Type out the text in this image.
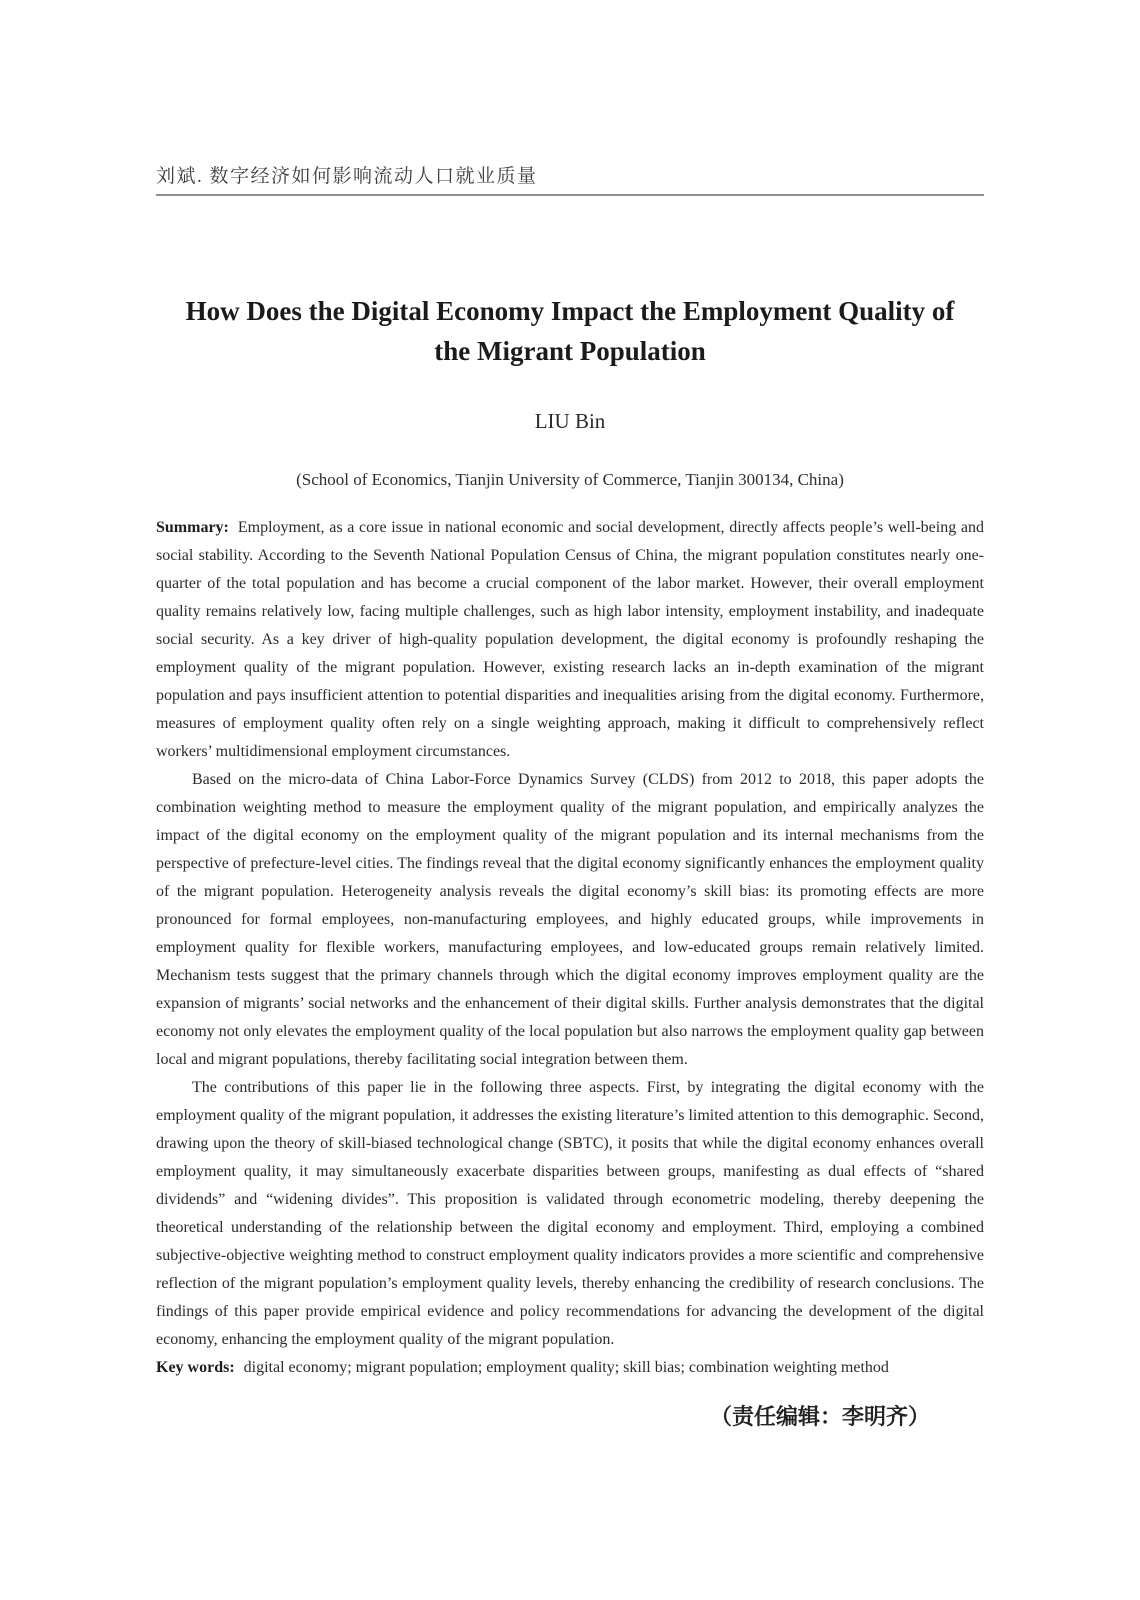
刘斌. 数字经济如何影响流动人口就业质量
How Does the Digital Economy Impact the Employment Quality of
the Migrant Population
LIU Bin
(School of Economics, Tianjin University of Commerce, Tianjin 300134, China)

Summary: Employment, as a core issue in national economic and social development, directly affects people’s well-being and social stability. According to the Seventh National Population Census of China, the migrant population constitutes nearly one-quarter of the total population and has become a crucial component of the labor market. However, their overall employment quality remains relatively low, facing multiple challenges, such as high labor intensity, employment instability, and inadequate social security. As a key driver of high-quality population development, the digital economy is profoundly reshaping the employment quality of the migrant population. However, existing research lacks an in-depth examination of the migrant population and pays insufficient attention to potential disparities and inequalities arising from the digital economy. Furthermore, measures of employment quality often rely on a single weighting approach, making it difficult to comprehensively reflect workers’ multidimensional employment circumstances.

Based on the micro-data of China Labor-Force Dynamics Survey (CLDS) from 2012 to 2018, this paper adopts the combination weighting method to measure the employment quality of the migrant population, and empirically analyzes the impact of the digital economy on the employment quality of the migrant population and its internal mechanisms from the perspective of prefecture-level cities. The findings reveal that the digital economy significantly enhances the employment quality of the migrant population. Heterogeneity analysis reveals the digital economy’s skill bias: its promoting effects are more pronounced for formal employees, non-manufacturing employees, and highly educated groups, while improvements in employment quality for flexible workers, manufacturing employees, and low-educated groups remain relatively limited. Mechanism tests suggest that the primary channels through which the digital economy improves employment quality are the expansion of migrants’ social networks and the enhancement of their digital skills. Further analysis demonstrates that the digital economy not only elevates the employment quality of the local population but also narrows the employment quality gap between local and migrant populations, thereby facilitating social integration between them.

The contributions of this paper lie in the following three aspects. First, by integrating the digital economy with the employment quality of the migrant population, it addresses the existing literature’s limited attention to this demographic. Second, drawing upon the theory of skill-biased technological change (SBTC), it posits that while the digital economy enhances overall employment quality, it may simultaneously exacerbate disparities between groups, manifesting as dual effects of “shared dividends” and “widening divides”. This proposition is validated through econometric modeling, thereby deepening the theoretical understanding of the relationship between the digital economy and employment. Third, employing a combined subjective-objective weighting method to construct employment quality indicators provides a more scientific and comprehensive reflection of the migrant population’s employment quality levels, thereby enhancing the credibility of research conclusions. The findings of this paper provide empirical evidence and policy recommendations for advancing the development of the digital economy, enhancing the employment quality of the migrant population.

Key words: digital economy; migrant population; employment quality; skill bias; combination weighting method

（责任编辑：李明齐）
